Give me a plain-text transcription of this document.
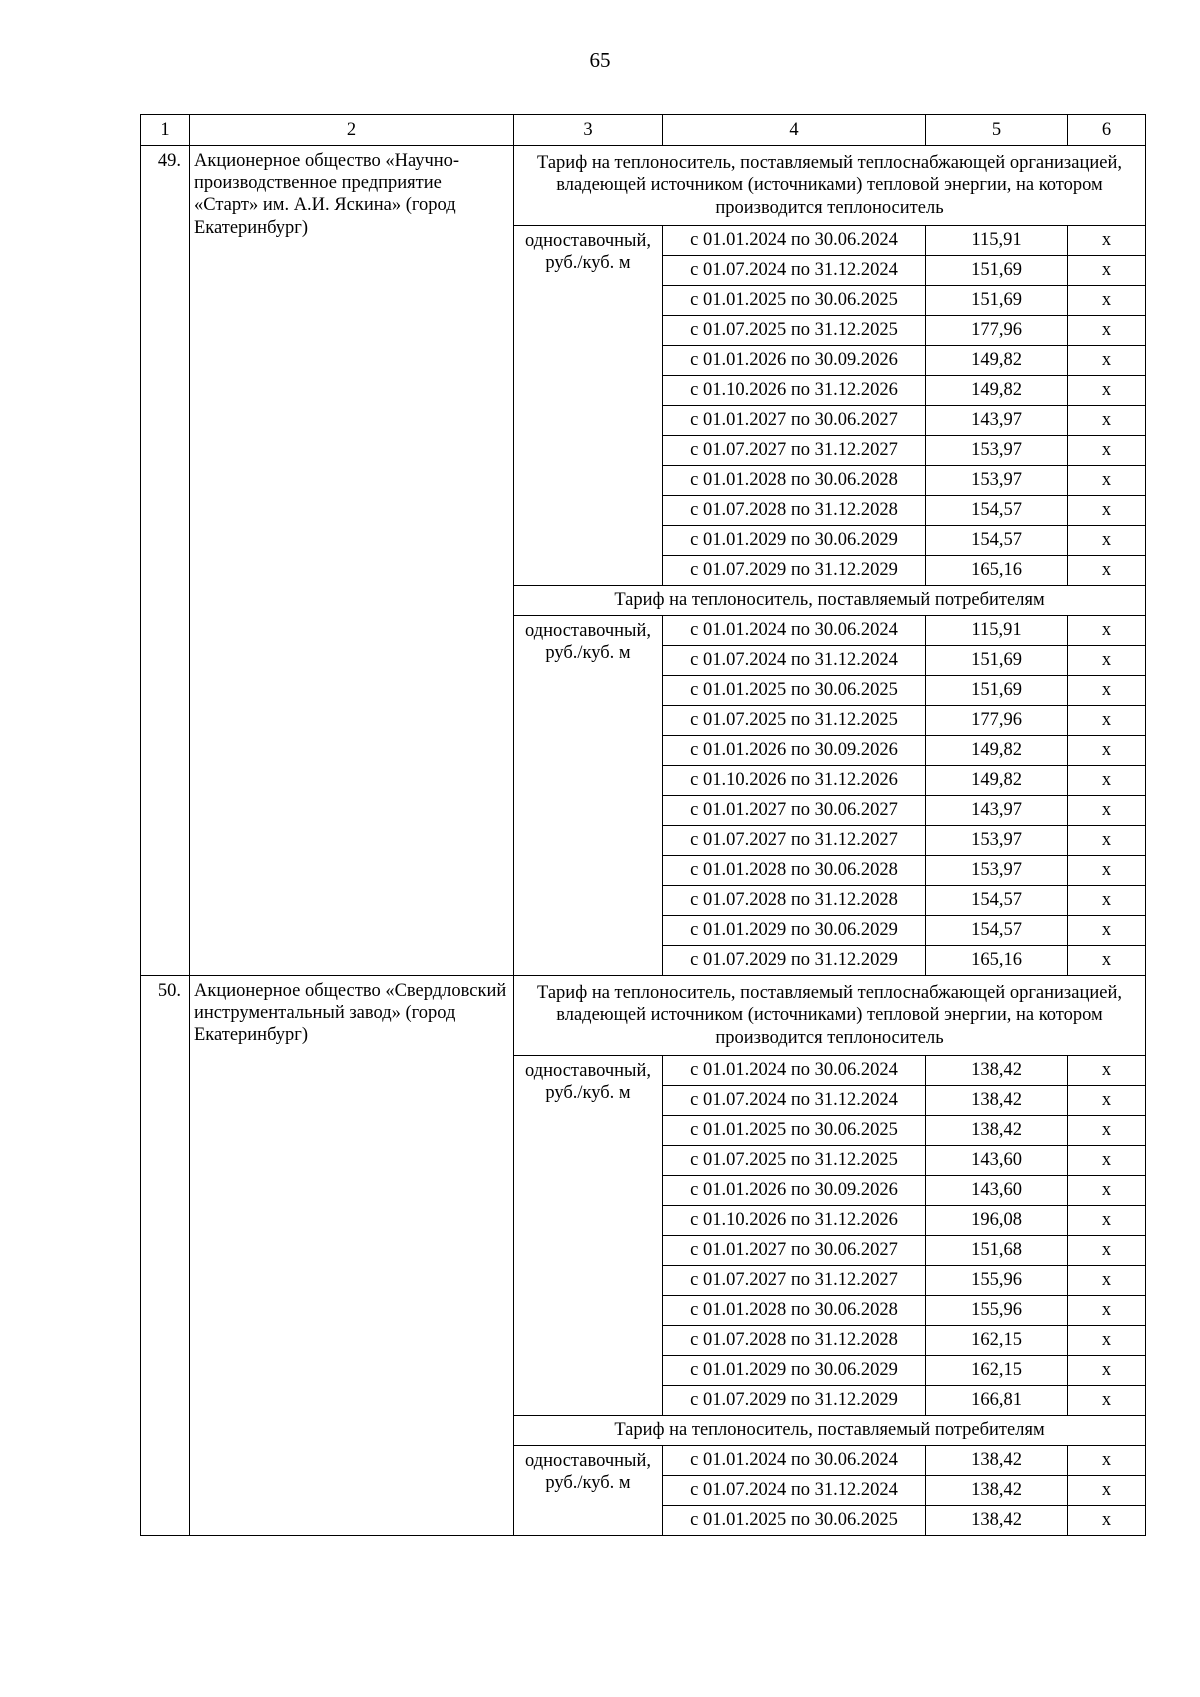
65
1	2	3	4	5	6
49.	Акционерное общество «Научно-производственное предприятие «Старт» им. А.И. Яскина» (город Екатеринбург)	Тариф на теплоноситель, поставляемый теплоснабжающей организацией, владеющей источником (источниками) тепловой энергии, на котором производится теплоноситель			
		одноставочный, руб./куб. м	с 01.01.2024 по 30.06.2024	115,91	х
			с 01.07.2024 по 31.12.2024	151,69	х
			с 01.01.2025 по 30.06.2025	151,69	х
			с 01.07.2025 по 31.12.2025	177,96	х
			с 01.01.2026 по 30.09.2026	149,82	х
			с 01.10.2026 по 31.12.2026	149,82	х
			с 01.01.2027 по 30.06.2027	143,97	х
			с 01.07.2027 по 31.12.2027	153,97	х
			с 01.01.2028 по 30.06.2028	153,97	х
			с 01.07.2028 по 31.12.2028	154,57	х
			с 01.01.2029 по 30.06.2029	154,57	х
			с 01.07.2029 по 31.12.2029	165,16	х
		Тариф на теплоноситель, поставляемый потребителям			
		одноставочный, руб./куб. м	с 01.01.2024 по 30.06.2024	115,91	х
			с 01.07.2024 по 31.12.2024	151,69	х
			с 01.01.2025 по 30.06.2025	151,69	х
			с 01.07.2025 по 31.12.2025	177,96	х
			с 01.01.2026 по 30.09.2026	149,82	х
			с 01.10.2026 по 31.12.2026	149,82	х
			с 01.01.2027 по 30.06.2027	143,97	х
			с 01.07.2027 по 31.12.2027	153,97	х
			с 01.01.2028 по 30.06.2028	153,97	х
			с 01.07.2028 по 31.12.2028	154,57	х
			с 01.01.2029 по 30.06.2029	154,57	х
			с 01.07.2029 по 31.12.2029	165,16	х
50.	Акционерное общество «Свердловский инструментальный завод» (город Екатеринбург)	Тариф на теплоноситель, поставляемый теплоснабжающей организацией, владеющей источником (источниками) тепловой энергии, на котором производится теплоноситель			
		одноставочный, руб./куб. м	с 01.01.2024 по 30.06.2024	138,42	х
			с 01.07.2024 по 31.12.2024	138,42	х
			с 01.01.2025 по 30.06.2025	138,42	х
			с 01.07.2025 по 31.12.2025	143,60	х
			с 01.01.2026 по 30.09.2026	143,60	х
			с 01.10.2026 по 31.12.2026	196,08	х
			с 01.01.2027 по 30.06.2027	151,68	х
			с 01.07.2027 по 31.12.2027	155,96	х
			с 01.01.2028 по 30.06.2028	155,96	х
			с 01.07.2028 по 31.12.2028	162,15	х
			с 01.01.2029 по 30.06.2029	162,15	х
			с 01.07.2029 по 31.12.2029	166,81	х
		Тариф на теплоноситель, поставляемый потребителям			
		одноставочный, руб./куб. м	с 01.01.2024 по 30.06.2024	138,42	х
			с 01.07.2024 по 31.12.2024	138,42	х
			с 01.01.2025 по 30.06.2025	138,42	х
